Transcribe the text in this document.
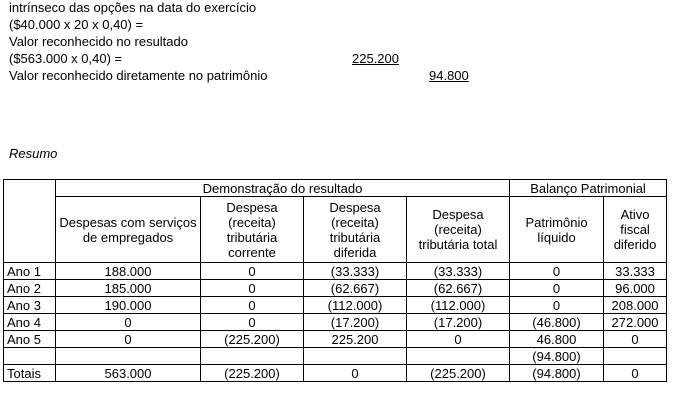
intrínseco das opções na data do exercício
($40.000 x 20 x 0,40) =
Valor reconhecido no resultado
($563.000 x 0,40) =	225.200
Valor reconhecido diretamente no patrimônio	94.800
Resumo
	Demonstração do resultado				Balanço Patrimonial	
	Despesas com serviços de empregados	Despesa (receita) tributária corrente	Despesa (receita) tributária diferida	Despesa (receita) tributária total	Patrimônio líquido	Ativo fiscal diferido
Ano 1	188.000	0	(33.333)	(33.333)	0	33.333
Ano 2	185.000	0	(62.667)	(62.667)	0	96.000
Ano 3	190.000	0	(112.000)	(112.000)	0	208.000
Ano 4	0	0	(17.200)	(17.200)	(46.800)	272.000
Ano 5	0	(225.200)	225.200	0	46.800	0
					(94.800)	
Totais	563.000	(225.200)	0	(225.200)	(94.800)	0
